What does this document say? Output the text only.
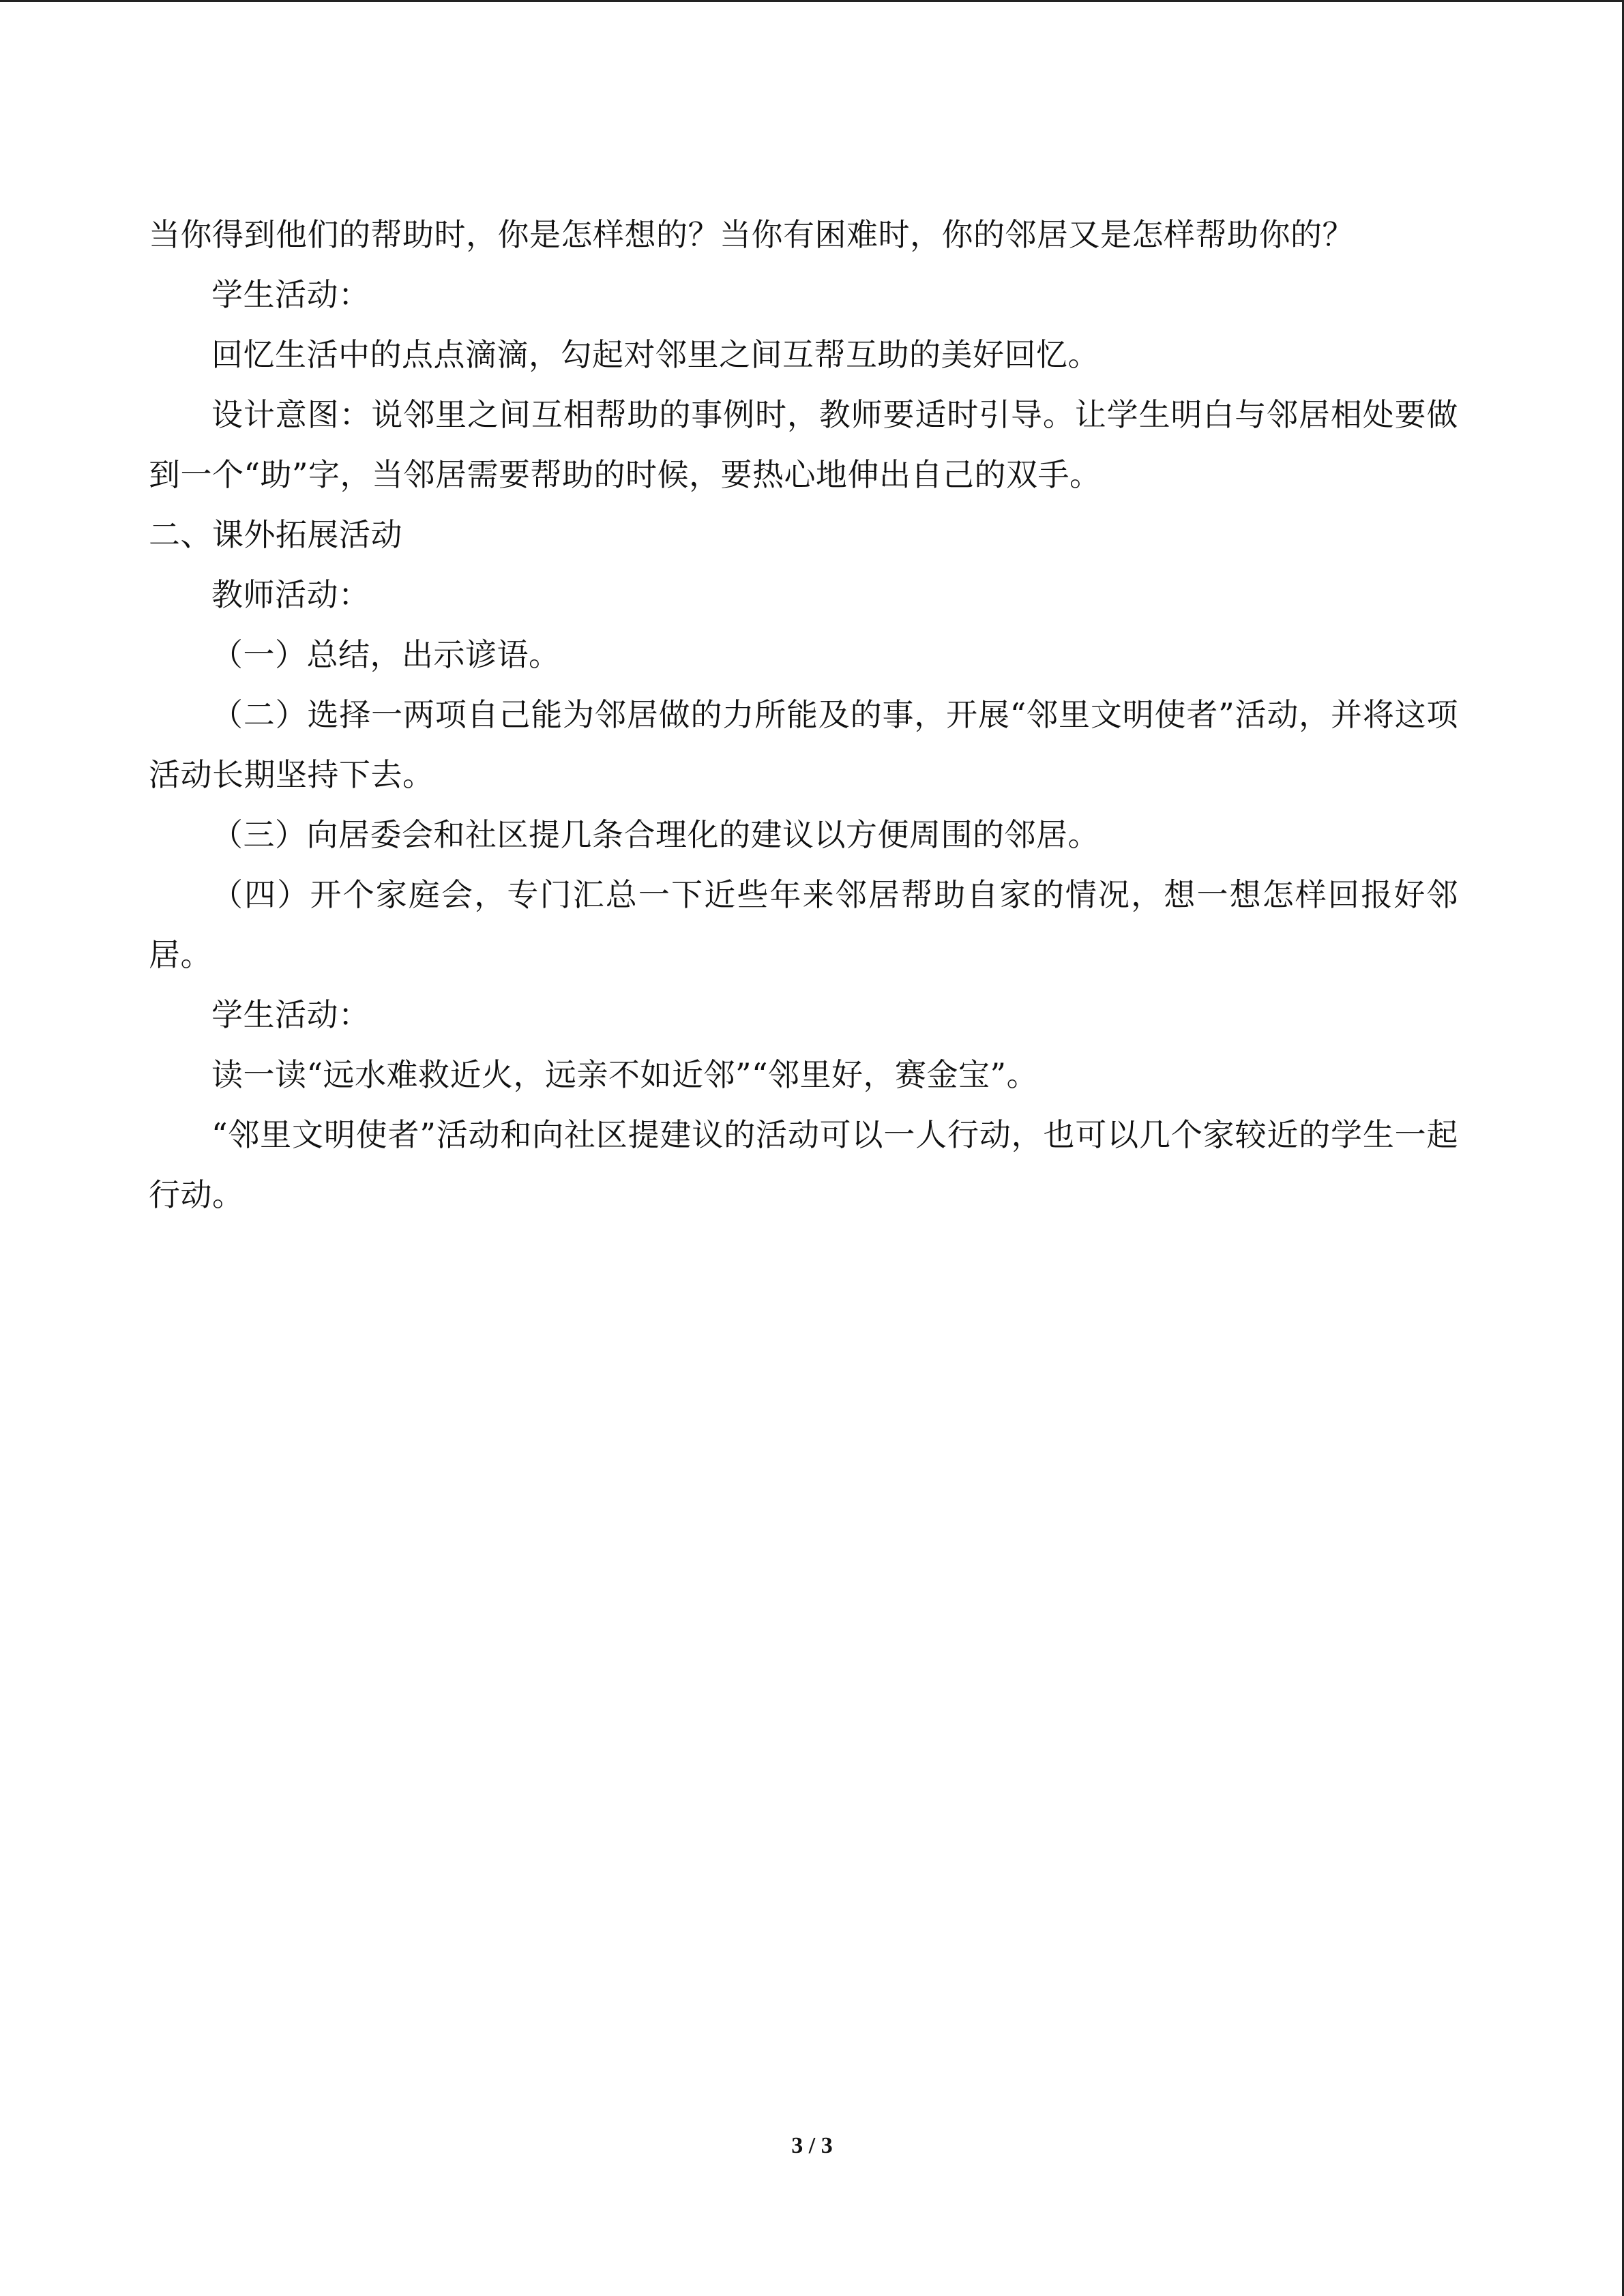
当你得到他们的帮助时，你是怎样想的？当你有困难时，你的邻居又是怎样帮助你的？

学生活动：

回忆生活中的点点滴滴，勾起对邻里之间互帮互助的美好回忆。

设计意图：说邻里之间互相帮助的事例时，教师要适时引导。让学生明白与邻居相处要做到一个“助”字，当邻居需要帮助的时候，要热心地伸出自己的双手。

二、课外拓展活动

教师活动：

（一）总结，出示谚语。

（二）选择一两项自己能为邻居做的力所能及的事，开展“邻里文明使者”活动，并将这项活动长期坚持下去。

（三）向居委会和社区提几条合理化的建议以方便周围的邻居。

（四）开个家庭会，专门汇总一下近些年来邻居帮助自家的情况，想一想怎样回报好邻居。

学生活动：

读一读“远水难救近火，远亲不如近邻”“邻里好，赛金宝”。

“邻里文明使者”活动和向社区提建议的活动可以一人行动，也可以几个家较近的学生一起行动。

3 / 3
